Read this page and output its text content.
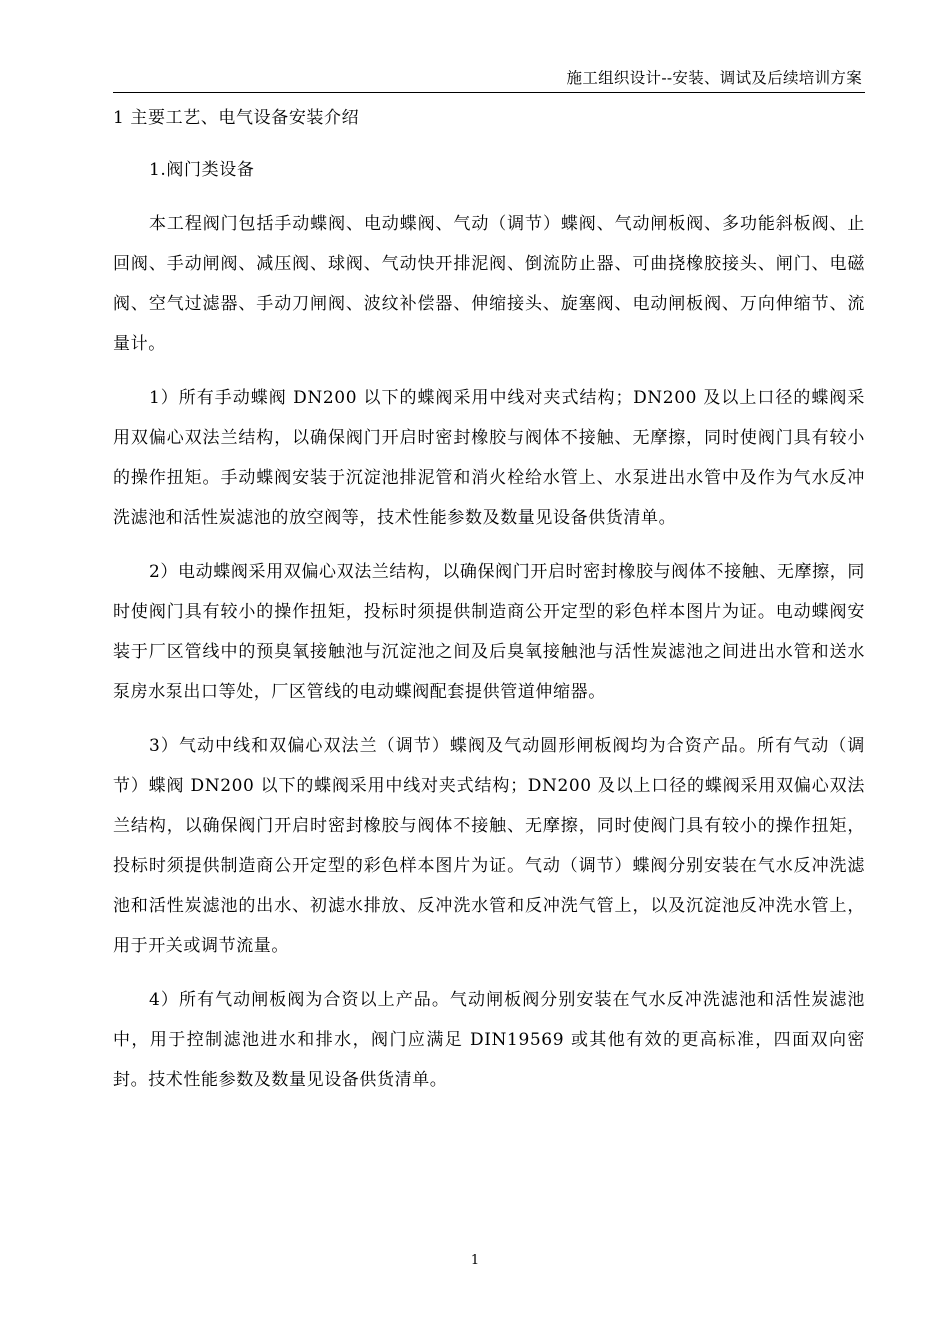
施工组织设计--安装、调试及后续培训方案

1 主要工艺、电气设备安装介绍

1.阀门类设备

本工程阀门包括手动蝶阀、电动蝶阀、气动（调节）蝶阀、气动闸板阀、多功能斜板阀、止回阀、手动闸阀、减压阀、球阀、气动快开排泥阀、倒流防止器、可曲挠橡胶接头、闸门、电磁阀、空气过滤器、手动刀闸阀、波纹补偿器、伸缩接头、旋塞阀、电动闸板阀、万向伸缩节、流量计。

1）所有手动蝶阀 DN200 以下的蝶阀采用中线对夹式结构；DN200 及以上口径的蝶阀采用双偏心双法兰结构，以确保阀门开启时密封橡胶与阀体不接触、无摩擦，同时使阀门具有较小的操作扭矩。手动蝶阀安装于沉淀池排泥管和消火栓给水管上、水泵进出水管中及作为气水反冲洗滤池和活性炭滤池的放空阀等，技术性能参数及数量见设备供货清单。

2）电动蝶阀采用双偏心双法兰结构，以确保阀门开启时密封橡胶与阀体不接触、无摩擦，同时使阀门具有较小的操作扭矩，投标时须提供制造商公开定型的彩色样本图片为证。电动蝶阀安装于厂区管线中的预臭氧接触池与沉淀池之间及后臭氧接触池与活性炭滤池之间进出水管和送水泵房水泵出口等处，厂区管线的电动蝶阀配套提供管道伸缩器。

3）气动中线和双偏心双法兰（调节）蝶阀及气动圆形闸板阀均为合资产品。所有气动（调节）蝶阀 DN200 以下的蝶阀采用中线对夹式结构；DN200 及以上口径的蝶阀采用双偏心双法兰结构，以确保阀门开启时密封橡胶与阀体不接触、无摩擦，同时使阀门具有较小的操作扭矩，投标时须提供制造商公开定型的彩色样本图片为证。气动（调节）蝶阀分别安装在气水反冲洗滤池和活性炭滤池的出水、初滤水排放、反冲洗水管和反冲洗气管上，以及沉淀池反冲洗水管上，用于开关或调节流量。

4）所有气动闸板阀为合资以上产品。气动闸板阀分别安装在气水反冲洗滤池和活性炭滤池中，用于控制滤池进水和排水，阀门应满足 DIN19569 或其他有效的更高标准，四面双向密封。技术性能参数及数量见设备供货清单。

1
